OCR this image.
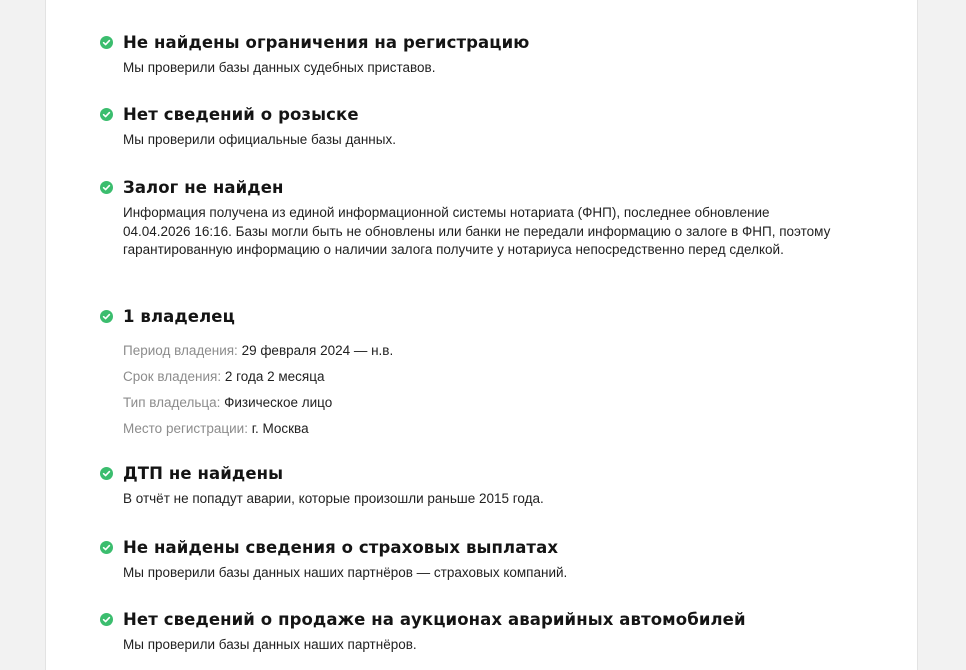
Не найдены ограничения на регистрацию
Мы проверили базы данных судебных приставов.
Нет сведений о розыске
Мы проверили официальные базы данных.
Залог не найден
Информация получена из единой информационной системы нотариата (ФНП), последнее обновление 04.04.2026 16:16. Базы могли быть не обновлены или банки не передали информацию о залоге в ФНП, поэтому гарантированную информацию о наличии залога получите у нотариуса непосредственно перед сделкой.
1 владелец
Период владения: 29 февраля 2024 — н.в.
Срок владения: 2 года 2 месяца
Тип владельца: Физическое лицо
Место регистрации: г. Москва
ДТП не найдены
В отчёт не попадут аварии, которые произошли раньше 2015 года.
Не найдены сведения о страховых выплатах
Мы проверили базы данных наших партнёров — страховых компаний.
Нет сведений о продаже на аукционах аварийных автомобилей
Мы проверили базы данных наших партнёров.
